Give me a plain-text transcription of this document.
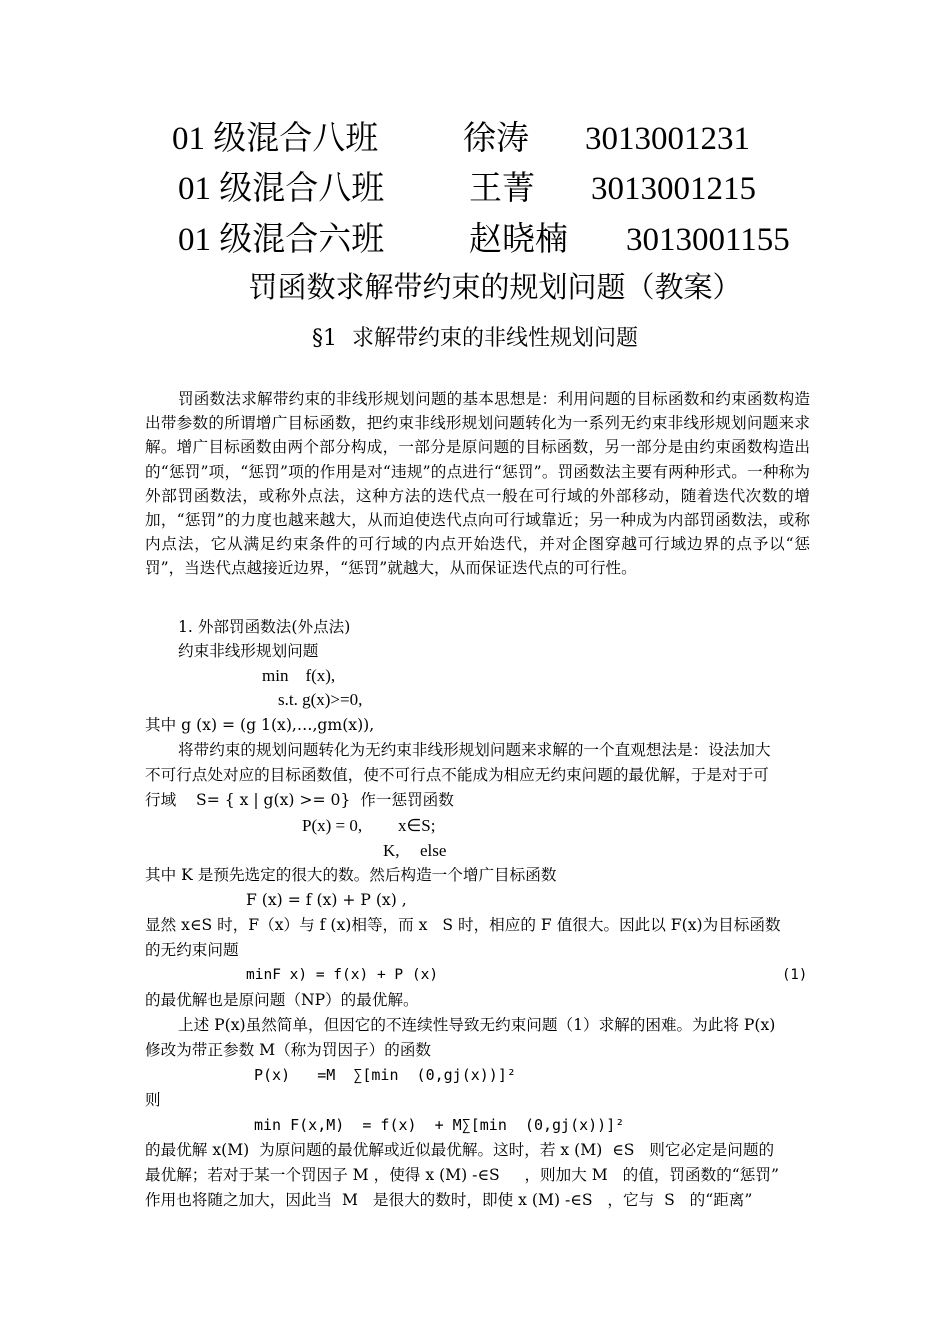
01 级混合八班	徐涛 3013001231
01 级混合八班	王菁 3013001215
01 级混合六班	赵晓楠 3013001155
罚函数求解带约束的规划问题（教案）
§1 求解带约束的非线性规划问题
罚函数法求解带约束的非线形规划问题的基本思想是：利用问题的目标函数和约束函数构造出带参数的所谓增广目标函数，把约束非线形规划问题转化为一系列无约束非线形规划问题来求解。增广目标函数由两个部分构成，一部分是原问题的目标函数，另一部分是由约束函数构造出的“惩罚”项，“惩罚”项的作用是对“违规”的点进行“惩罚”。罚函数法主要有两种形式。一种称为外部罚函数法，或称外点法，这种方法的迭代点一般在可行域的外部移动，随着迭代次数的增加，“惩罚”的力度也越来越大，从而迫使迭代点向可行域靠近；另一种成为内部罚函数法，或称内点法，它从满足约束条件的可行域的内点开始迭代，并对企图穿越可行域边界的点予以“惩罚”，当迭代点越接近边界，“惩罚”就越大，从而保证迭代点的可行性。
1. 外部罚函数法(外点法)
约束非线形规划问题
min    f(x),
s.t. g(x)>=0,
其中 g (x) = (g 1(x),…,gm(x)),
将带约束的规划问题转化为无约束非线形规划问题来求解的一个直观想法是：设法加大
不可行点处对应的目标函数值，使不可行点不能成为相应无约束问题的最优解，于是对于可
行域    S= { x | g(x) >= 0}  作一惩罚函数
P(x) = 0, x∈S;
K, else
其中 K 是预先选定的很大的数。然后构造一个增广目标函数
F (x) = f (x) + P (x) ,
显然 x∈S 时，F（x）与 f (x)相等，而 x   S 时，相应的 F 值很大。因此以 F(x)为目标函数
的无约束问题
minF x) = f(x) + P (x)	(1)
的最优解也是原问题（NP）的最优解。
上述 P(x)虽然简单，但因它的不连续性导致无约束问题（1）求解的困难。为此将 P(x)
修改为带正参数 M（称为罚因子）的函数
P(x)   =M  ∑[min  (0,gj(x))]²
则
min F(x,M)  = f(x)  + M∑[min  (0,gj(x))]²
的最优解 x(M)  为原问题的最优解或近似最优解。这时，若 x (M)  ∈S   则它必定是问题的
最优解；若对于某一个罚因子 M ，使得 x (M) -∈S     ，则加大 M   的值，罚函数的“惩罚”
作用也将随之加大，因此当  M   是很大的数时，即使 x (M) -∈S   ，它与  S   的“距离”
